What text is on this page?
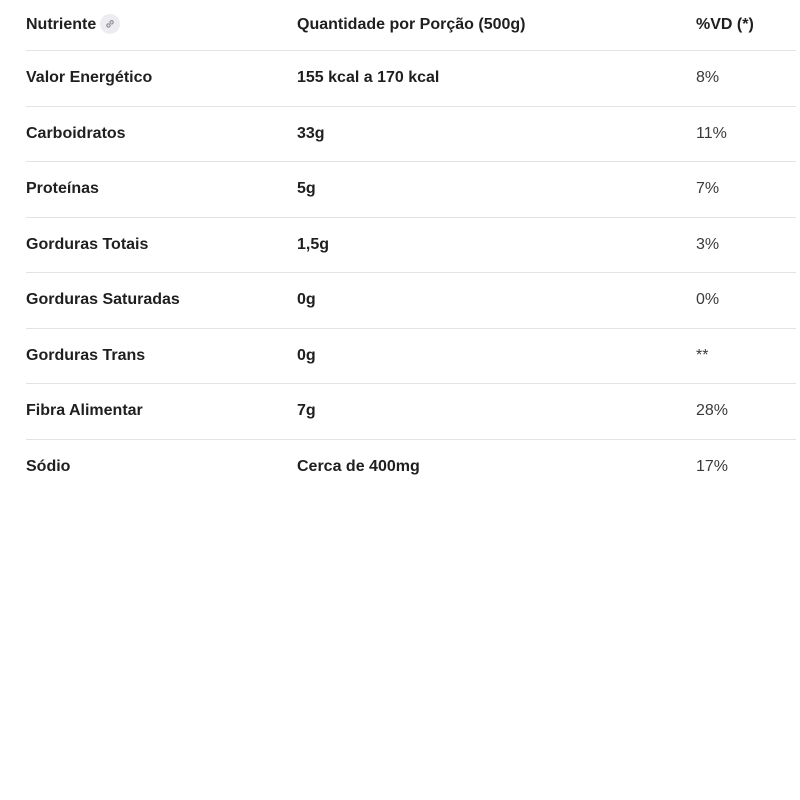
Nutriente	Quantidade por Porção (500g)	%VD (*)
Valor Energético	155 kcal a 170 kcal	8%
Carboidratos	33g	11%
Proteínas	5g	7%
Gorduras Totais	1,5g	3%
Gorduras Saturadas	0g	0%
Gorduras Trans	0g	**
Fibra Alimentar	7g	28%
Sódio	Cerca de 400mg	17%
